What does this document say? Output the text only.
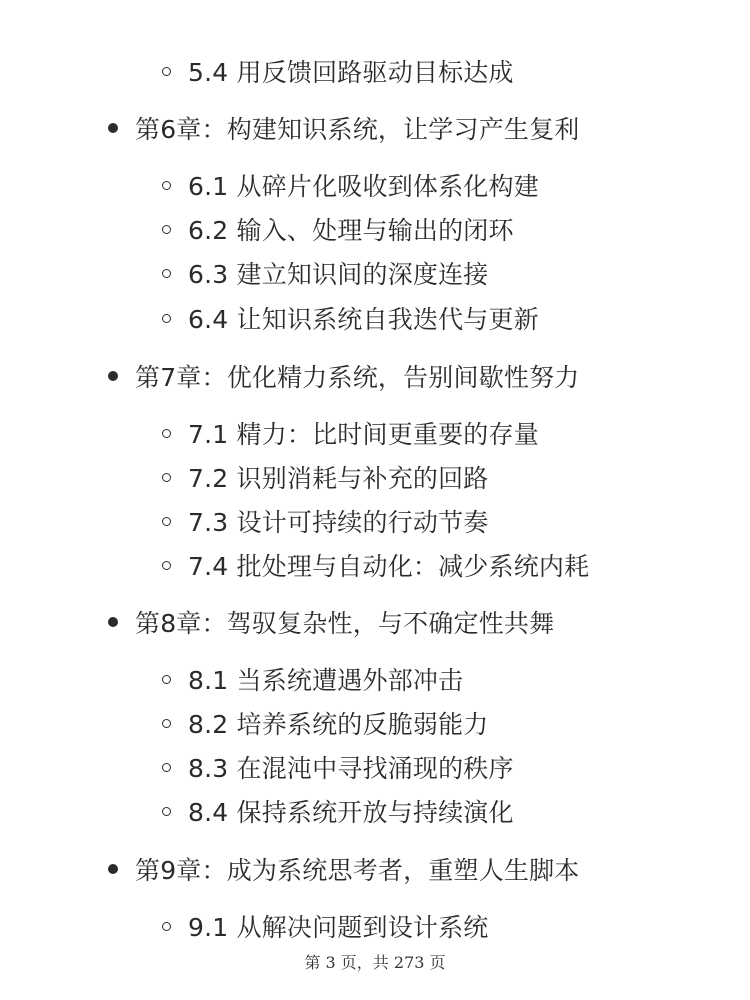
5.4 用反馈回路驱动目标达成
第6章：构建知识系统，让学习产生复利
6.1 从碎片化吸收到体系化构建
6.2 输入、处理与输出的闭环
6.3 建立知识间的深度连接
6.4 让知识系统自我迭代与更新
第7章：优化精力系统，告别间歇性努力
7.1 精力：比时间更重要的存量
7.2 识别消耗与补充的回路
7.3 设计可持续的行动节奏
7.4 批处理与自动化：减少系统内耗
第8章：驾驭复杂性，与不确定性共舞
8.1 当系统遭遇外部冲击
8.2 培养系统的反脆弱能力
8.3 在混沌中寻找涌现的秩序
8.4 保持系统开放与持续演化
第9章：成为系统思考者，重塑人生脚本
9.1 从解决问题到设计系统
第 3 页，共 273 页
